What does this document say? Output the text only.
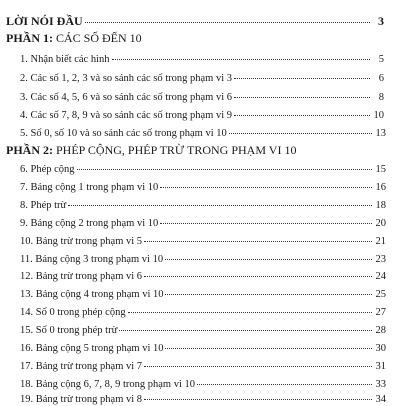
LỜI NÓI ĐẦU	3
PHẦN 1: CÁC SỐ ĐẾN 10
1. Nhận biết các hình	5
2. Các số 1, 2, 3 và so sánh các số trong phạm vi 3	6
3. Các số 4, 5, 6 và so sánh các số trong phạm vi 6	8
4. Các số 7, 8, 9 và so sánh các số trong phạm vi 9	10
5. Số 0, số 10 và so sánh các số trong phạm vi 10	13
PHẦN 2: PHÉP CỘNG, PHÉP TRỪ TRONG PHẠM VI 10
6. Phép cộng	15
7. Bảng cộng 1 trong phạm vi 10	16
8. Phép trừ	18
9. Bảng cộng 2 trong phạm vi 10	20
10. Bảng trừ trong phạm vi 5	21
11. Bảng cộng 3 trong phạm vi 10	23
12. Bảng trừ trong phạm vi 6	24
13. Bảng cộng 4 trong phạm vi 10	25
14. Số 0 trong phép cộng	27
15. Số 0 trong phép trừ	28
16. Bảng cộng 5 trong phạm vi 10	30
17. Bảng trừ trong phạm vi 7	31
18. Bảng cộng 6, 7, 8, 9 trong phạm vi 10	33
19. Bảng trừ trong phạm vi 8	34
